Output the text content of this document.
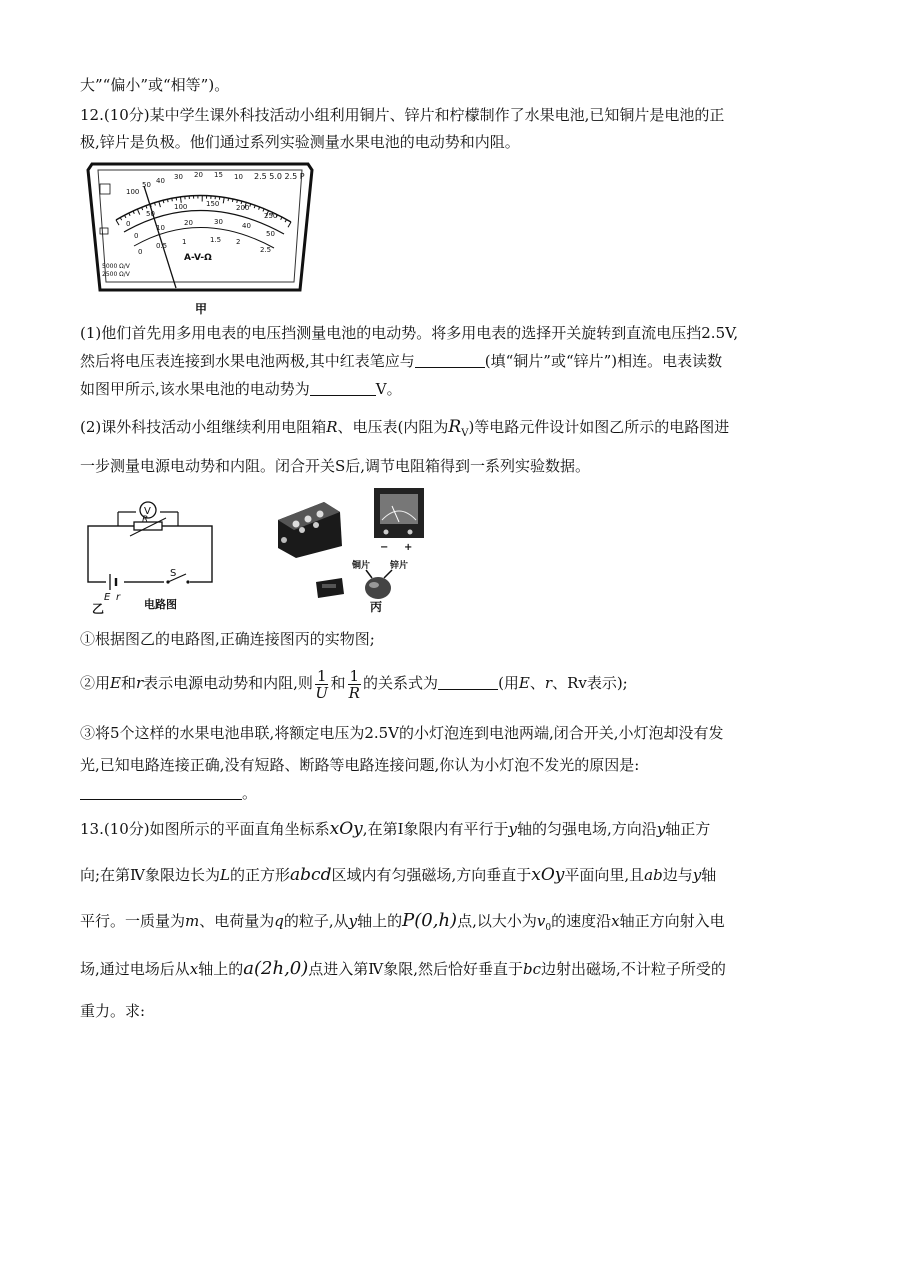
大”“偏小”或“相等”)。
12.(10分)某中学生课外科技活动小组利用铜片、锌片和柠檬制作了水果电池,已知铜片是电池的正
极,锌片是负极。他们通过系列实验测量水果电池的电动势和内阻。
100
50 40 30 20 15 10
0
50
100	150 200
250
0
10
20	30	40
50
0
0.5 1	1.5 2
2.5
2.5 5.0 2.5 P
5000 Ω/V
2500 Ω/V
A-V-Ω
甲
(1)他们首先用多用电表的电压挡测量电池的电动势。将多用电表的选择开关旋转到直流电压挡2.5V,
然后将电压表连接到水果电池两极,其中红表笔应与	(填“铜片”或“锌片”)相连。电表读数
如图甲所示,该水果电池的电动势为	V。
(2)课外科技活动小组继续利用电阻箱R、电压表(内阻为$R_V$)等电路元件设计如图乙所示的电路图进
一步测量电源电动势和内阻。闭合开关S后,调节电阻箱得到一系列实验数据。
V
R
E r
S
乙	电路图
− +
铜片 锌片
丙
①根据图乙的电路图,正确连接图丙的实物图;
②用E和r表示电源电动势和内阻,则 $\frac{1}{U}$ 和 $\frac{1}{R}$ 的关系式为	(用E、r、Rv表示);
③将5个这样的水果电池串联,将额定电压为2.5V的小灯泡连到电池两端,闭合开关,小灯泡却没有发
光,已知电路连接正确,没有短路、断路等电路连接问题,你认为小灯泡不发光的原因是:
。
13.(10分)如图所示的平面直角坐标系xOy,在第Ⅰ象限内有平行于y轴的匀强电场,方向沿y轴正方
向;在第Ⅳ象限边长为L的正方形abcd区域内有匀强磁场,方向垂直于xOy平面向里,且ab边与y轴
平行。一质量为m、电荷量为q的粒子,从y轴上的P(0,h)点,以大小为$v_0$的速度沿x轴正方向射入电
场,通过电场后从x轴上的a(2h,0)点进入第Ⅳ象限,然后恰好垂直于bc边射出磁场,不计粒子所受的
重力。求:
